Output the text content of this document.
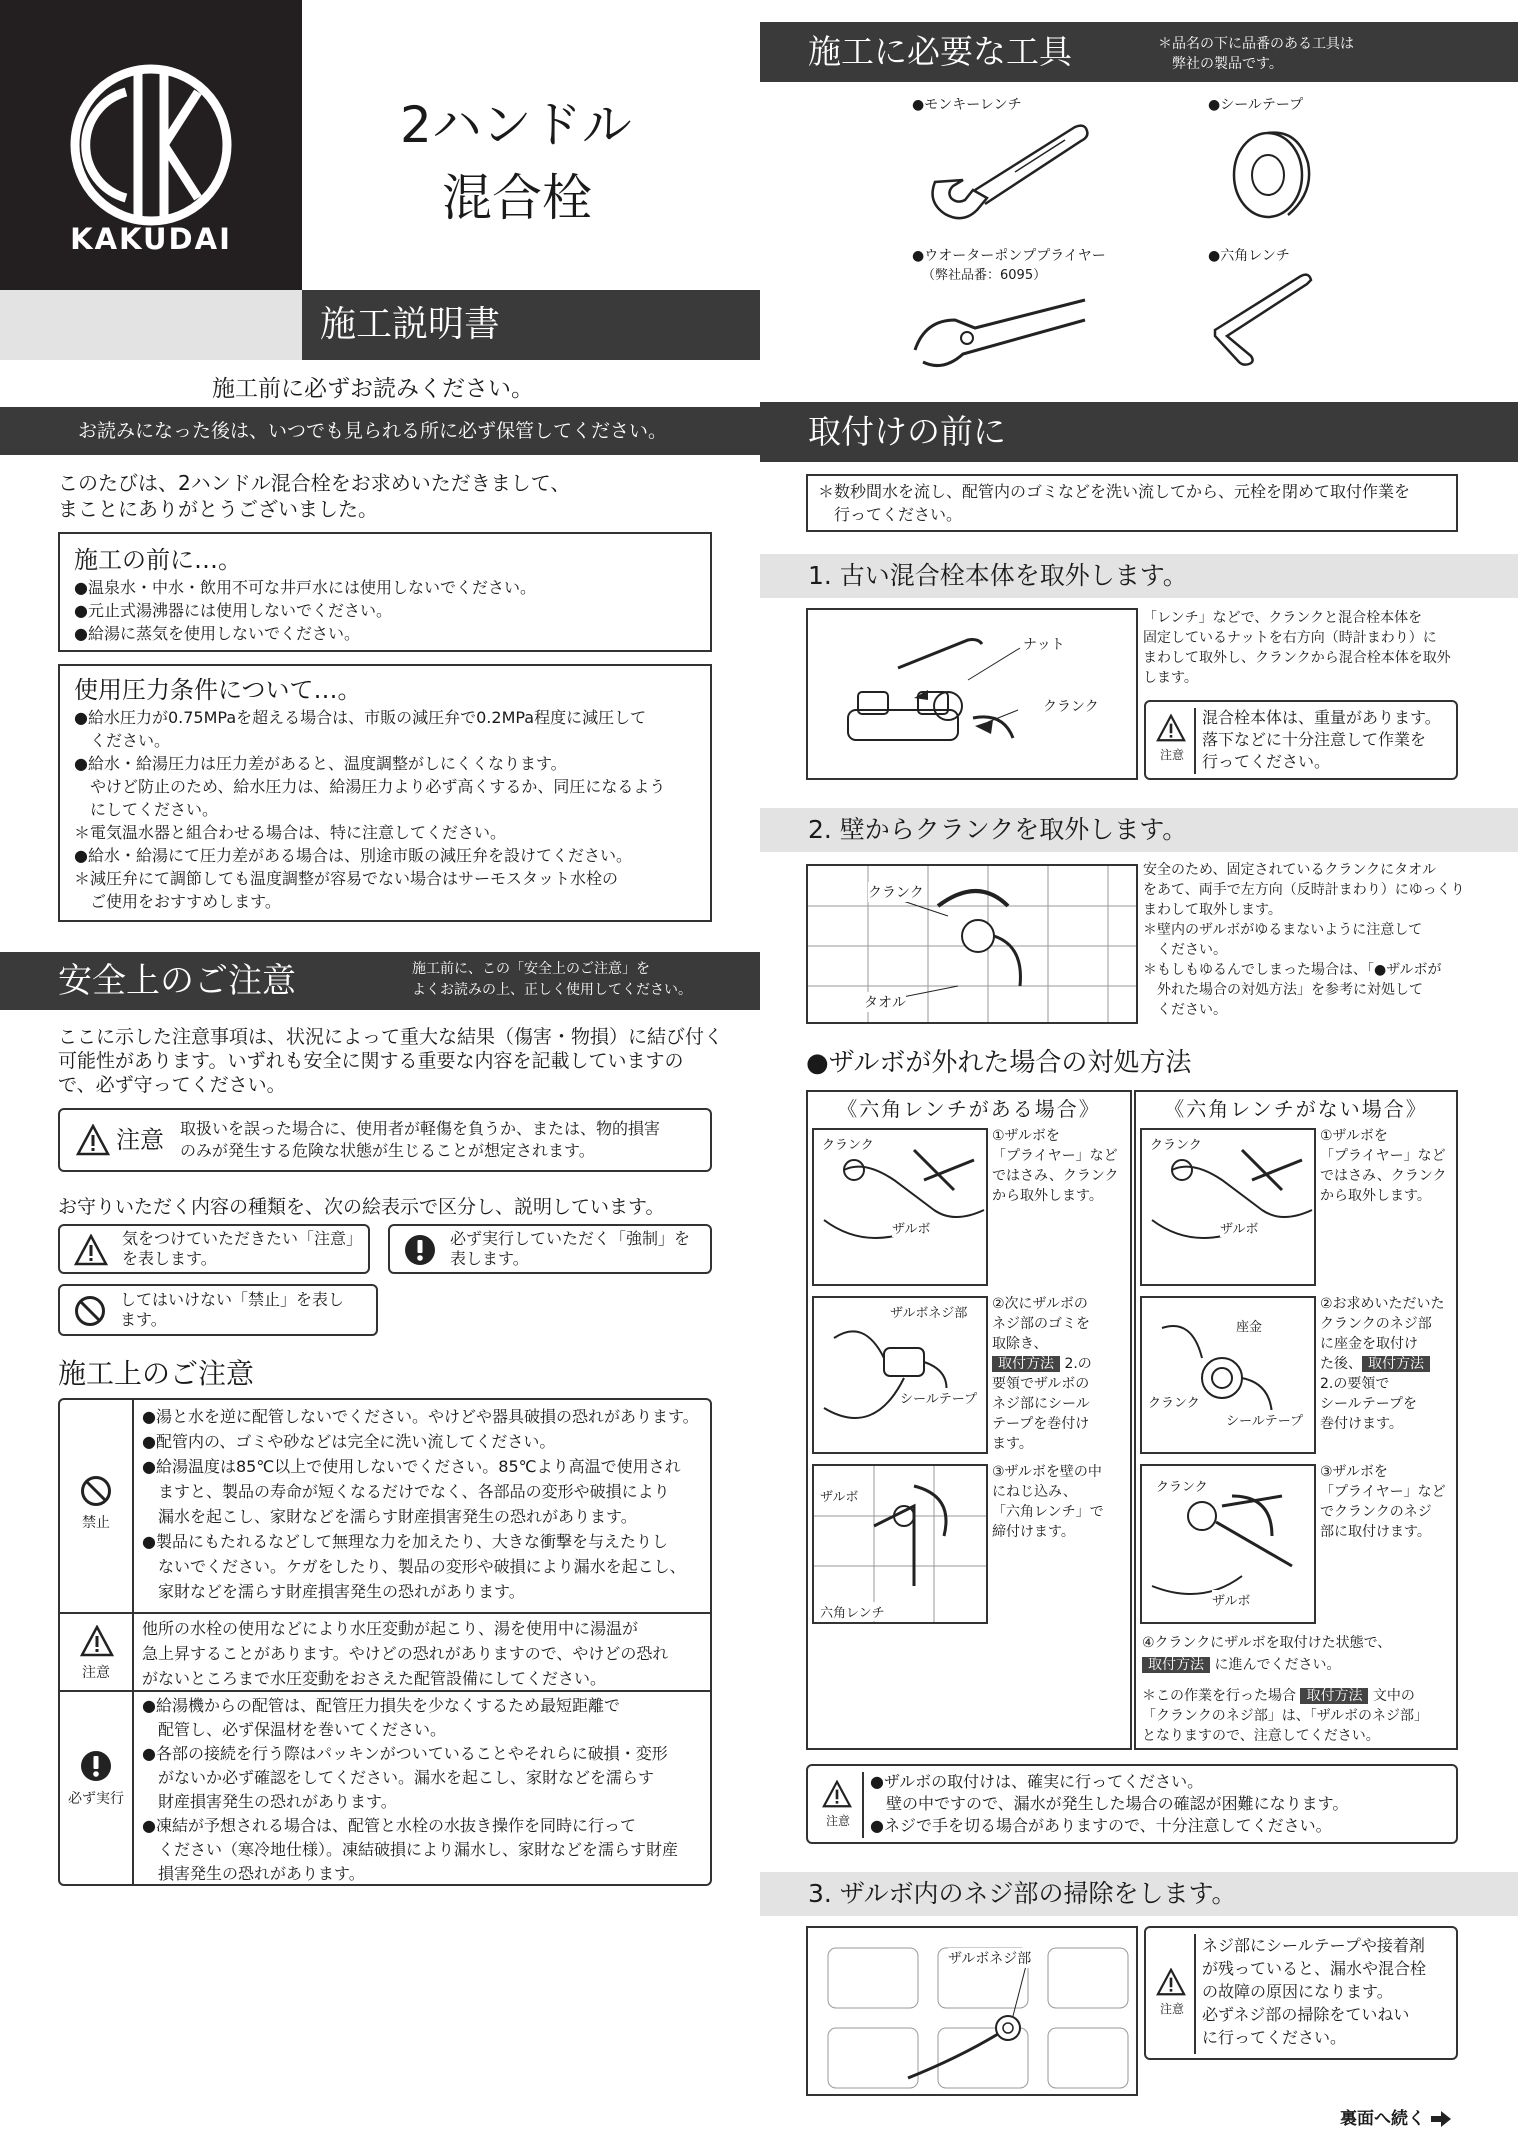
KAKUDAI
2ハンドル
混合栓
施工説明書
施工前に必ずお読みください。
お読みになった後は、いつでも見られる所に必ず保管してください。
このたびは、2ハンドル混合栓をお求めいただきまして、
まことにありがとうございました。
施工の前に…。
●温泉水・中水・飲用不可な井戸水には使用しないでください。
●元止式湯沸器には使用しないでください。
●給湯に蒸気を使用しないでください。
使用圧力条件について…。
●給水圧力が0.75MPaを超える場合は、市販の減圧弁で0.2MPa程度に減圧して
　ください。
●給水・給湯圧力は圧力差があると、温度調整がしにくくなります。
　やけど防止のため、給水圧力は、給湯圧力より必ず高くするか、同圧になるよう
　にしてください。
＊電気温水器と組合わせる場合は、特に注意してください。
●給水・給湯にて圧力差がある場合は、別途市販の減圧弁を設けてください。
＊減圧弁にて調節しても温度調整が容易でない場合はサーモスタット水栓の
　ご使用をおすすめします。
安全上のご注意	施工前に、この「安全上のご注意」を
よくお読みの上、正しく使用してください。
ここに示した注意事項は、状況によって重大な結果（傷害・物損）に結び付く
可能性があります。いずれも安全に関する重要な内容を記載していますの
で、必ず守ってください。
注意 取扱いを誤った場合に、使用者が軽傷を負うか、または、物的損害
のみが発生する危険な状態が生じることが想定されます。
お守りいただく内容の種類を、次の絵表示で区分し、説明しています。
気をつけていただきたい「注意」
を表します。
必ず実行していただく「強制」を
表します。
してはいけない「禁止」を表し
ます。
施工上のご注意
禁止
●湯と水を逆に配管しないでください。やけどや器具破損の恐れがあります。
●配管内の、ゴミや砂などは完全に洗い流してください。
●給湯温度は85℃以上で使用しないでください。85℃より高温で使用され
　ますと、製品の寿命が短くなるだけでなく、各部品の変形や破損により
　漏水を起こし、家財などを濡らす財産損害発生の恐れがあります。
●製品にもたれるなどして無理な力を加えたり、大きな衝撃を与えたりし
　ないでください。ケガをしたり、製品の変形や破損により漏水を起こし、
　家財などを濡らす財産損害発生の恐れがあります。
注意
他所の水栓の使用などにより水圧変動が起こり、湯を使用中に湯温が
急上昇することがあります。やけどの恐れがありますので、やけどの恐れ
がないところまで水圧変動をおさえた配管設備にしてください。
必ず実行
●給湯機からの配管は、配管圧力損失を少なくするため最短距離で
　配管し、必ず保温材を巻いてください。
●各部の接続を行う際はパッキンがついていることやそれらに破損・変形
　がないか必ず確認をしてください。漏水を起こし、家財などを濡らす
　財産損害発生の恐れがあります。
●凍結が予想される場合は、配管と水栓の水抜き操作を同時に行って
　ください（寒冷地仕様）。凍結破損により漏水し、家財などを濡らす財産
　損害発生の恐れがあります。
施工に必要な工具	＊品名の下に品番のある工具は
　弊社の製品です。
●モンキーレンチ	●シールテープ
●ウオーターポンププライヤー
（弊社品番：6095）
●六角レンチ
取付けの前に
＊数秒間水を流し、配管内のゴミなどを洗い流してから、元栓を閉めて取付作業を
　行ってください。
1. 古い混合栓本体を取外します。
ナット
クランク
「レンチ」などで、クランクと混合栓本体を
固定しているナットを右方向（時計まわり）に
まわして取外し、クランクから混合栓本体を取外
します。
注意
混合栓本体は、重量があります。
落下などに十分注意して作業を
行ってください。
2. 壁からクランクを取外します。
クランク
タオル
安全のため、固定されているクランクにタオル
をあて、両手で左方向（反時計まわり）にゆっくり
まわして取外します。
＊壁内のザルボがゆるまないように注意して
　ください。
＊もしもゆるんでしまった場合は、「●ザルボが
　外れた場合の対処方法」を参考に対処して
　ください。
●ザルボが外れた場合の対処方法
《六角レンチがある場合》	《六角レンチがない場合》
クランク
ザルボ
①ザルボを
「プライヤー」など
ではさみ、クランク
から取外します。
ザルボネジ部
シールテープ
②次にザルボの
ネジ部のゴミを
取除き、
取付方法 2.の
要領でザルボの
ネジ部にシール
テープを巻付け
ます。
ザルボ
六角レンチ
③ザルボを壁の中
にねじ込み、
「六角レンチ」で
締付けます。
クランク
ザルボ
①ザルボを
「プライヤー」など
ではさみ、クランク
から取外します。
座金
クランク
シールテープ
②お求めいただいた
クランクのネジ部
に座金を取付け
た後、 取付方法
2.の要領で
シールテープを
巻付けます。
クランク
ザルボ
③ザルボを
「プライヤー」など
でクランクのネジ
部に取付けます。
④クランクにザルボを取付けた状態で、
取付方法 に進んでください。
＊この作業を行った場合 取付方法 文中の
「クランクのネジ部」は、「ザルボのネジ部」
となりますので、注意してください。
注意
●ザルボの取付けは、確実に行ってください。
　壁の中ですので、漏水が発生した場合の確認が困難になります。
●ネジで手を切る場合がありますので、十分注意してください。
3. ザルボ内のネジ部の掃除をします。
ザルボネジ部
注意
ネジ部にシールテープや接着剤
が残っていると、漏水や混合栓
の故障の原因になります。
必ずネジ部の掃除をていねい
に行ってください。
裏面へ続く
